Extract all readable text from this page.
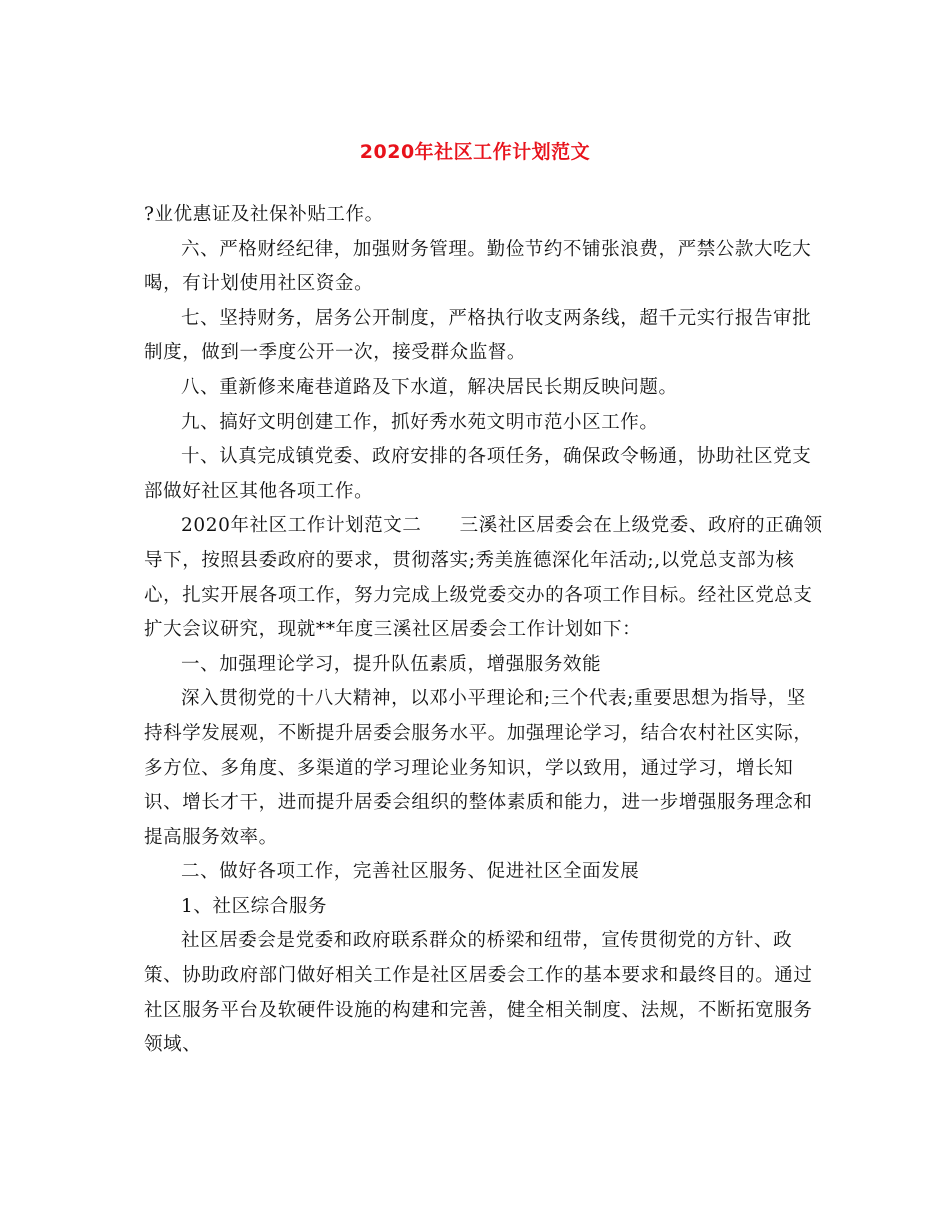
2020年社区工作计划范文

?业优惠证及社保补贴工作。

六、严格财经纪律，加强财务管理。勤俭节约不铺张浪费，严禁公款大吃大喝，有计划使用社区资金。

七、坚持财务，居务公开制度，严格执行收支两条线，超千元实行报告审批制度，做到一季度公开一次，接受群众监督。

八、重新修来庵巷道路及下水道，解决居民长期反映问题。

九、搞好文明创建工作，抓好秀水苑文明市范小区工作。

十、认真完成镇党委、政府安排的各项任务，确保政令畅通，协助社区党支部做好社区其他各项工作。

2020年社区工作计划范文二　　三溪社区居委会在上级党委、政府的正确领导下，按照县委政府的要求，贯彻落实;秀美旌德深化年活动;,以党总支部为核心，扎实开展各项工作，努力完成上级党委交办的各项工作目标。经社区党总支扩大会议研究，现就**年度三溪社区居委会工作计划如下：

一、加强理论学习，提升队伍素质，增强服务效能

深入贯彻党的十八大精神，以邓小平理论和;三个代表;重要思想为指导，坚持科学发展观，不断提升居委会服务水平。加强理论学习，结合农村社区实际，多方位、多角度、多渠道的学习理论业务知识，学以致用，通过学习，增长知识、增长才干，进而提升居委会组织的整体素质和能力，进一步增强服务理念和提高服务效率。

二、做好各项工作，完善社区服务、促进社区全面发展

1、社区综合服务

社区居委会是党委和政府联系群众的桥梁和纽带，宣传贯彻党的方针、政策、协助政府部门做好相关工作是社区居委会工作的基本要求和最终目的。通过社区服务平台及软硬件设施的构建和完善，健全相关制度、法规，不断拓宽服务领域、
